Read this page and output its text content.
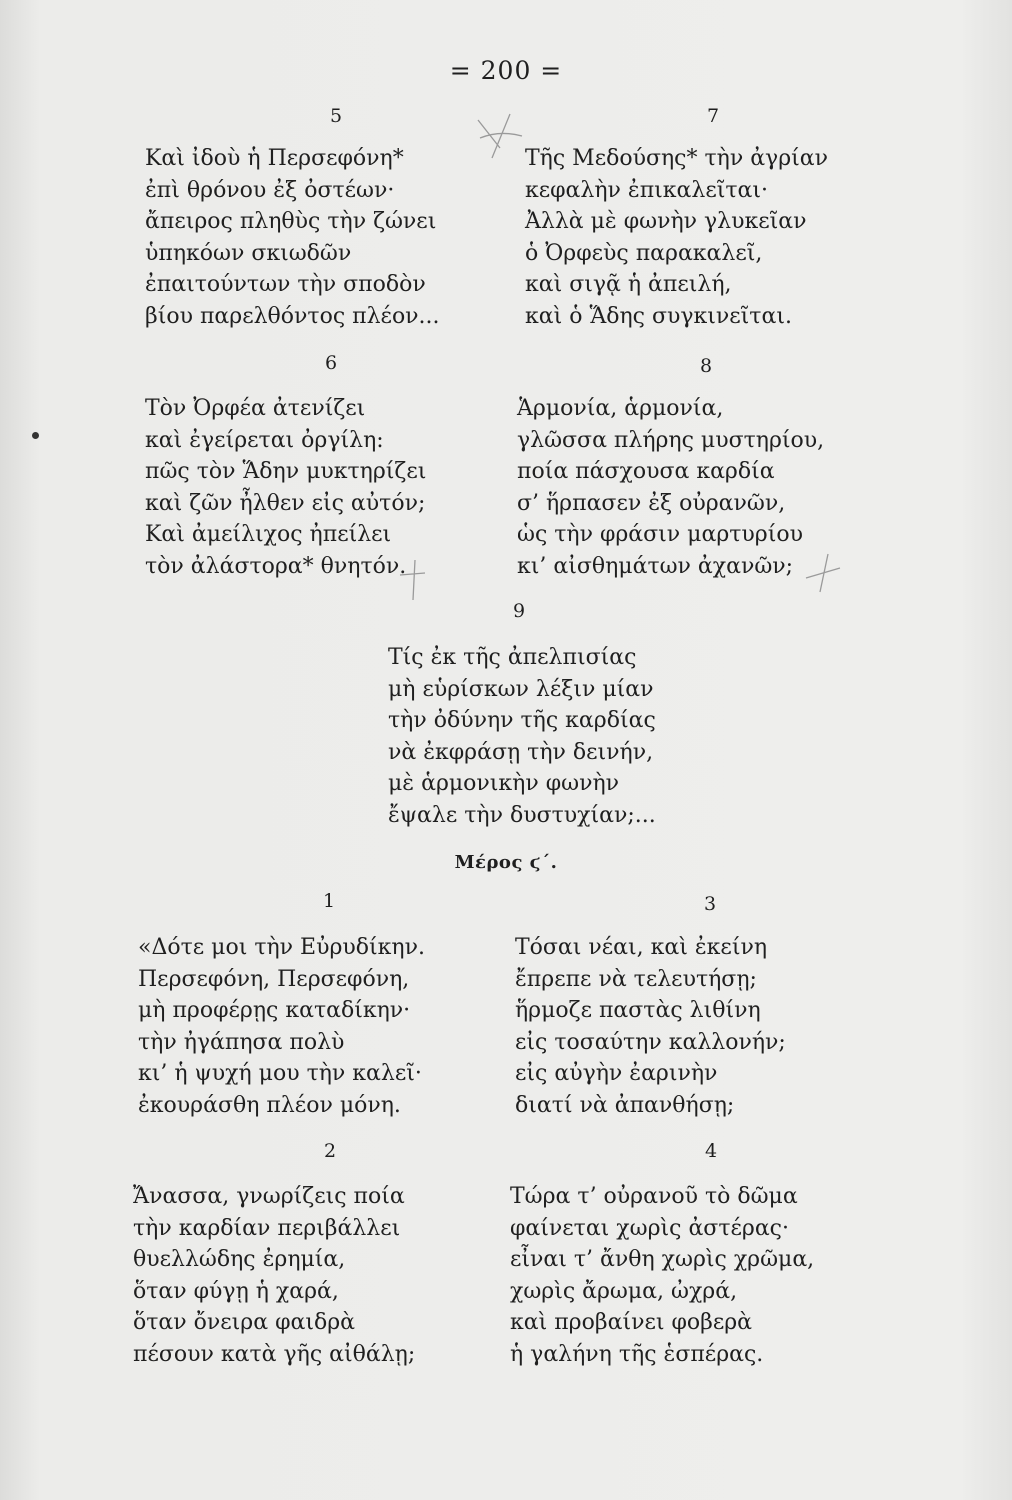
= 200 =
5
Καὶ ἰδοὺ ἡ Περσεφόνη*
ἐπὶ θρόνου ἐξ ὀστέων·
ἄπειρος πληθὺς τὴν ζώνει
ὑπηκόων σκιωδῶν
ἐπαιτούντων τὴν σποδὸν
βίου παρελθόντος πλέον...
7
Τῆς Μεδούσης* τὴν ἀγρίαν
κεφαλὴν ἐπικαλεῖται·
Ἀλλὰ μὲ φωνὴν γλυκεῖαν
ὁ Ὀρφεὺς παρακαλεῖ,
καὶ σιγᾷ ἡ ἀπειλή,
καὶ ὁ Ἅδης συγκινεῖται.
6
Τὸν Ὀρφέα ἀτενίζει
καὶ ἐγείρεται ὀργίλη:
πῶς τὸν Ἅδην μυκτηρίζει
καὶ ζῶν ἦλθεν εἰς αὐτόν;
Καὶ ἀμείλιχος ἠπείλει
τὸν ἀλάστορα* θνητόν.
8
Ἁρμονία, ἁρμονία,
γλῶσσα πλήρης μυστηρίου,
ποία πάσχουσα καρδία
σ’ ἥρπασεν ἐξ οὐρανῶν,
ὡς τὴν φράσιν μαρτυρίου
κι’ αἰσθημάτων ἀχανῶν;
9
Τίς ἐκ τῆς ἀπελπισίας
μὴ εὑρίσκων λέξιν μίαν
τὴν ὀδύνην τῆς καρδίας
νὰ ἐκφράσῃ τὴν δεινήν,
μὲ ἁρμονικὴν φωνὴν
ἔψαλε τὴν δυστυχίαν;...
Μέρος ϛ΄.
1
«Δότε μοι τὴν Εὐρυδίκην.
Περσεφόνη, Περσεφόνη,
μὴ προφέρῃς καταδίκην·
τὴν ἠγάπησα πολὺ
κι’ ἡ ψυχή μου τὴν καλεῖ·
ἐκουράσθη πλέον μόνη.
3
Τόσαι νέαι, καὶ ἐκείνη
ἔπρεπε νὰ τελευτήσῃ;
ἥρμοζε παστὰς λιθίνη
εἰς τοσαύτην καλλονήν;
εἰς αὐγὴν ἐαρινὴν
διατί νὰ ἀπανθήσῃ;
2
Ἄνασσα, γνωρίζεις ποία
τὴν καρδίαν περιβάλλει
θυελλώδης ἐρημία,
ὅταν φύγῃ ἡ χαρά,
ὅταν ὄνειρα φαιδρὰ
πέσουν κατὰ γῆς αἰθάλῃ;
4
Τώρα τ’ οὐρανοῦ τὸ δῶμα
φαίνεται χωρὶς ἀστέρας·
εἶναι τ’ ἄνθη χωρὶς χρῶμα,
χωρὶς ἄρωμα, ὠχρά,
καὶ προβαίνει φοβερὰ
ἡ γαλήνη τῆς ἑσπέρας.
